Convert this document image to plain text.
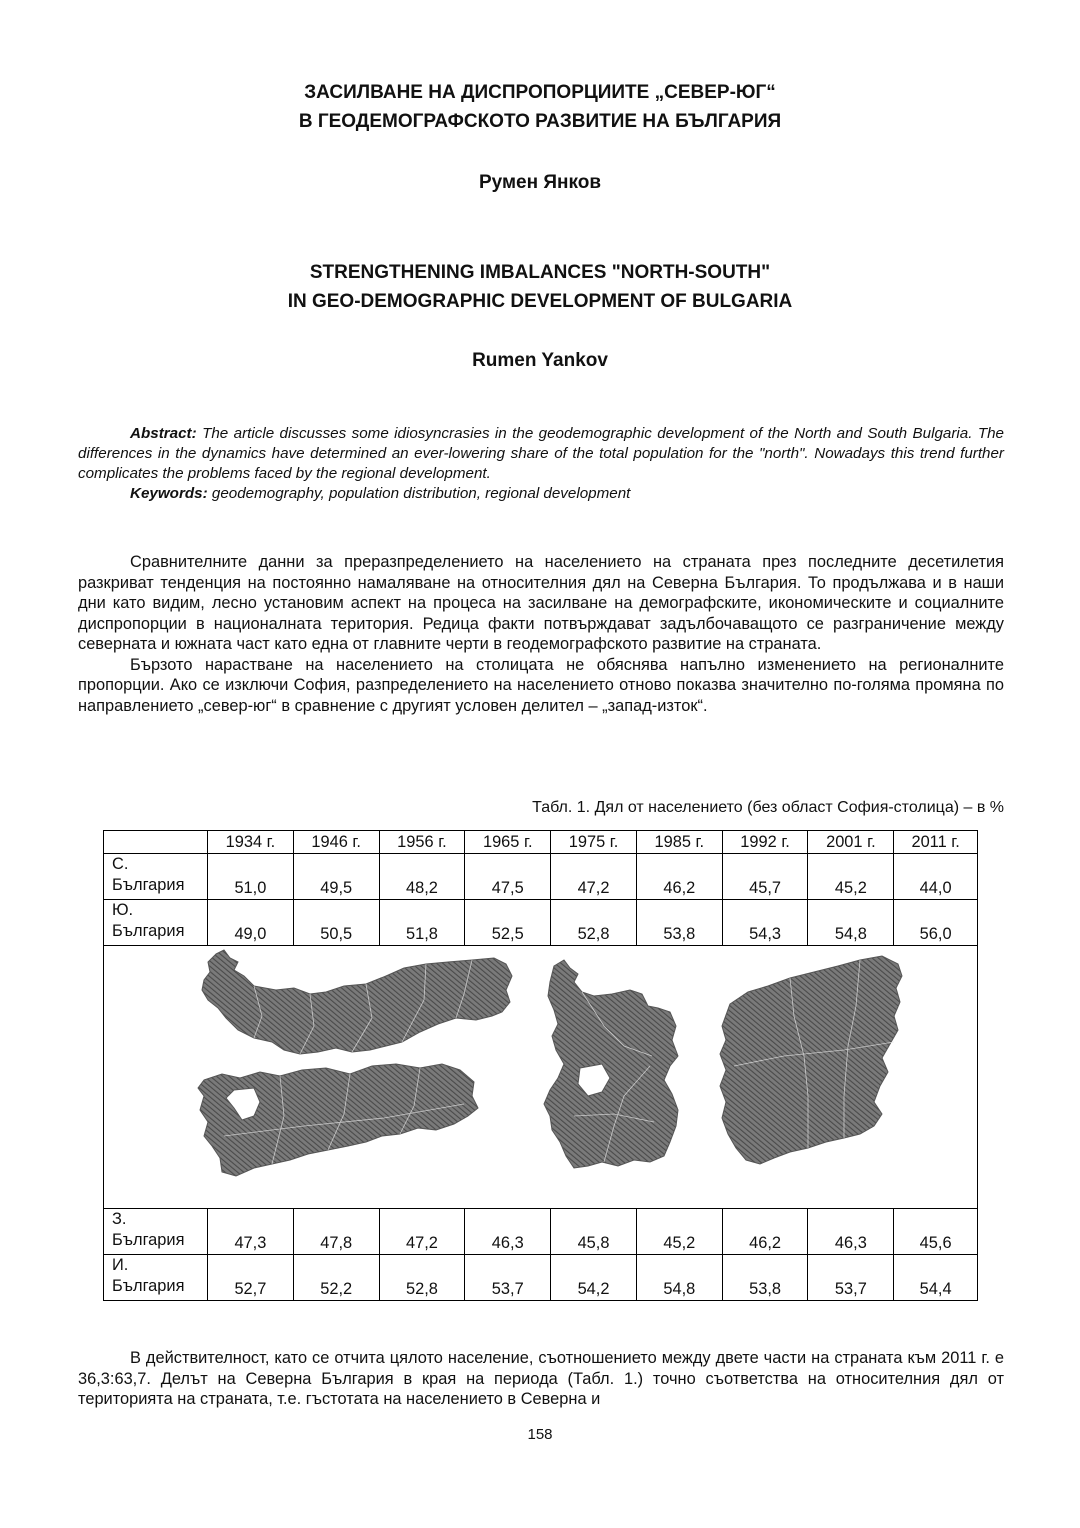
ЗАСИЛВАНЕ НА ДИСПРОПОРЦИИТЕ „СЕВЕР-ЮГ“
В ГЕОДЕМОГРАФСКОТО РАЗВИТИЕ НА БЪЛГАРИЯ
Румен Янков
STRENGTHENING IMBALANCES "NORTH-SOUTH"
IN GEO-DEMOGRAPHIC DEVELOPMENT OF BULGARIA
Rumen Yankov

Abstract: The article discusses some idiosyncrasies in the geodemographic development of the North and South Bulgaria. The differences in the dynamics have determined an ever-lowering share of the total population for the "north". Nowadays this trend further complicates the problems faced by the regional development.

Keywords: geodemography, population distribution, regional development

Сравнителните данни за преразпределението на населението на страната през последните десетилетия разкриват тенденция на постоянно намаляване на относителния дял на Северна България. То продължава и в наши дни като видим, лесно установим аспект на процеса на засилване на демографските, икономическите и социалните диспропорции в националната територия. Редица факти потвърждават задълбочаващото се разграничение между северната и южната част като една от главните черти в геодемографското развитие на страната.

Бързото нарастване на населението на столицата не обяснява напълно изменението на регионалните пропорции. Ако се изключи София, разпределението на населението отново показва значително по-голяма промяна по направлението „север-юг“ в сравнение с другият условен делител – „запад-изток“.

Табл. 1. Дял от населението (без област София-столица) – в %
	1934 г.	1946 г.	1956 г.	1965 г.	1975 г.	1985 г.	1992 г.	2001 г.	2011 г.
С.
България	51,0	49,5	48,2	47,5	47,2	46,2	45,7	45,2	44,0
Ю.
България	49,0	50,5	51,8	52,5	52,8	53,8	54,3	54,8	56,0

З.
България	47,3	47,8	47,2	46,3	45,8	45,2	46,2	46,3	45,6
И.
България	52,7	52,2	52,8	53,7	54,2	54,8	53,8	53,7	54,4

В действителност, като се отчита цялото население, съотношението между двете части на страната към 2011 г. е 36,3:63,7. Делът на Северна България в края на периода (Табл. 1.) точно съответства на относителния дял от територията на страната, т.е. гъстотата на населението в Северна и

158
